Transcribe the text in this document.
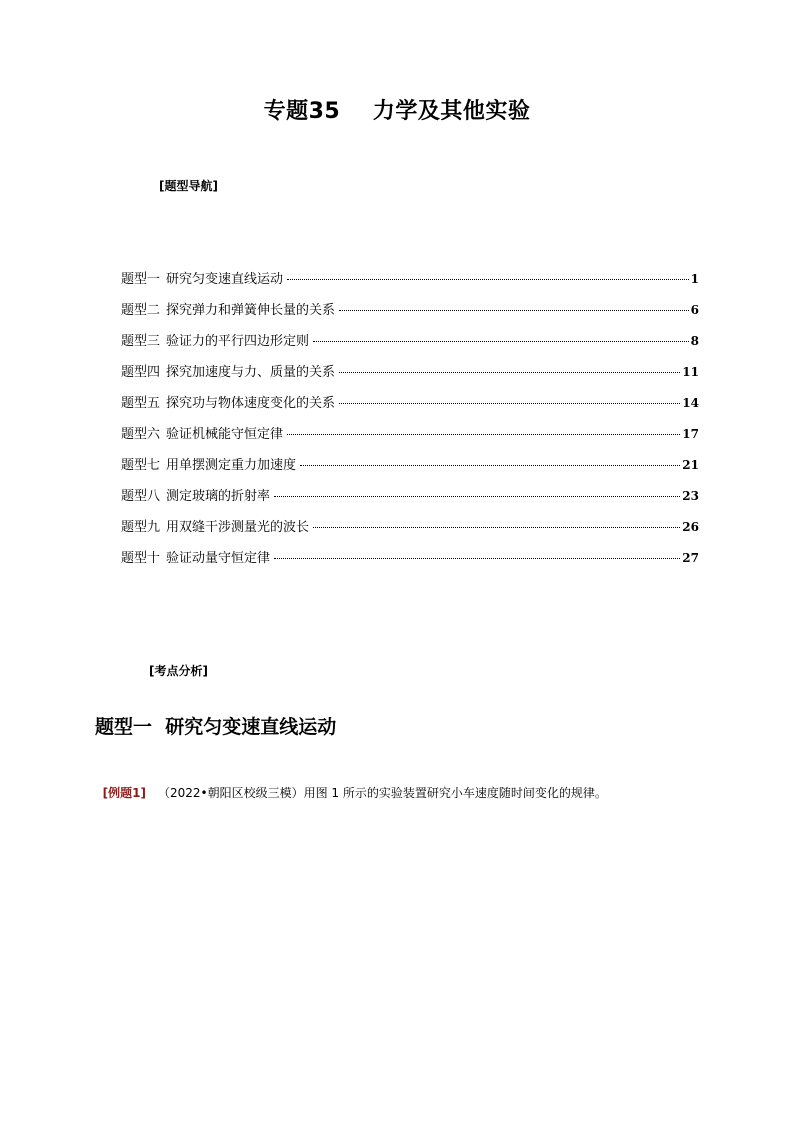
专题35    力学及其他实验
[题型导航]
题型一 研究匀变速直线运动	1
题型二 探究弹力和弹簧伸长量的关系	6
题型三 验证力的平行四边形定则	8
题型四 探究加速度与力、质量的关系	11
题型五 探究功与物体速度变化的关系	14
题型六 验证机械能守恒定律	17
题型七 用单摆测定重力加速度	21
题型八 测定玻璃的折射率	23
题型九 用双缝干涉测量光的波长	26
题型十 验证动量守恒定律	27
[考点分析]
题型一  研究匀变速直线运动

[例题1] （2022•朝阳区校级三模）用图 1 所示的实验装置研究小车速度随时间变化的规律。
